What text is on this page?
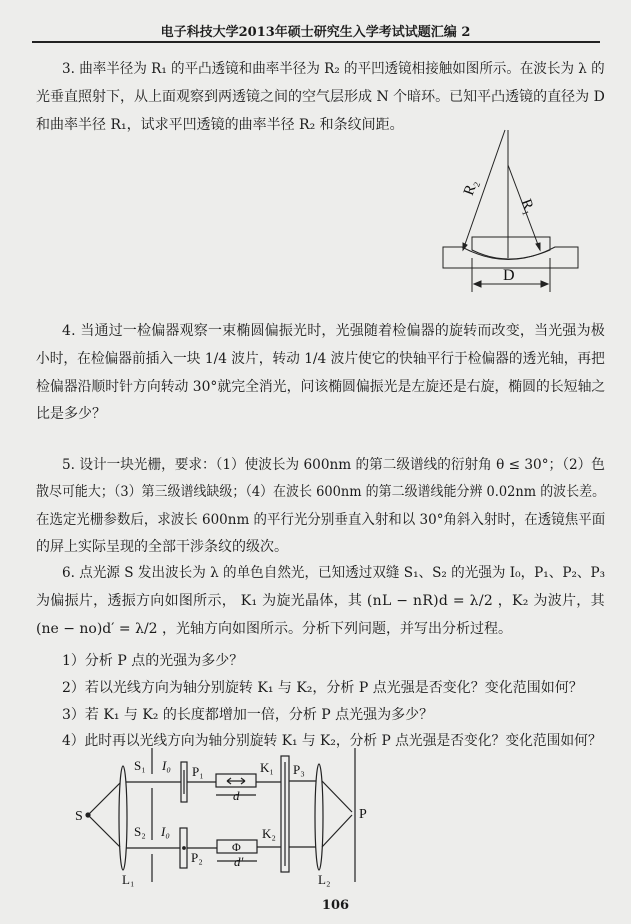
电子科技大学2013年硕士研究生入学考试试题汇编 2
3. 曲率半径为 R₁ 的平凸透镜和曲率半径为 R₂ 的平凹透镜相接触如图所示。在波长为 λ 的
光垂直照射下，从上面观察到两透镜之间的空气层形成 N 个暗环。已知平凸透镜的直径为 D
和曲率半径 R₁，试求平凹透镜的曲率半径 R₂ 和条纹间距。
R₂
R₁
D
S
S₁
S₂
I₀
I₀
P₁
P₂
P₃
K₁
K₂
d
d′
Φ
L₁	L₂
P
4. 当通过一检偏器观察一束椭圆偏振光时，光强随着检偏器的旋转而改变，当光强为极
小时，在检偏器前插入一块 1/4 波片，转动 1/4 波片使它的快轴平行于检偏器的透光轴，再把
检偏器沿顺时针方向转动 30°就完全消光，问该椭圆偏振光是左旋还是右旋，椭圆的长短轴之
比是多少？
5. 设计一块光栅，要求：（1）使波长为 600nm 的第二级谱线的衍射角 θ ≤ 30°；（2）色
散尽可能大；（3）第三级谱线缺级；（4）在波长 600nm 的第二级谱线能分辨 0.02nm 的波长差。
在选定光栅参数后，求波长 600nm 的平行光分别垂直入射和以 30°角斜入射时，在透镜焦平面
的屏上实际呈现的全部干涉条纹的级次。
6. 点光源 S 发出波长为 λ 的单色自然光，已知透过双缝 S₁、S₂ 的光强为 I₀，P₁、P₂、P₃
为偏振片，透振方向如图所示， K₁ 为旋光晶体，其 (nL − nR)d = λ/2 ，K₂ 为波片，其
(ne − no)d′ = λ/2 ，光轴方向如图所示。分析下列问题，并写出分析过程。
1）分析 P 点的光强为多少？
2）若以光线方向为轴分别旋转 K₁ 与 K₂，分析 P 点光强是否变化？变化范围如何？
3）若 K₁ 与 K₂ 的长度都增加一倍，分析 P 点光强为多少？
4）此时再以光线方向为轴分别旋转 K₁ 与 K₂，分析 P 点光强是否变化？变化范围如何？
106
